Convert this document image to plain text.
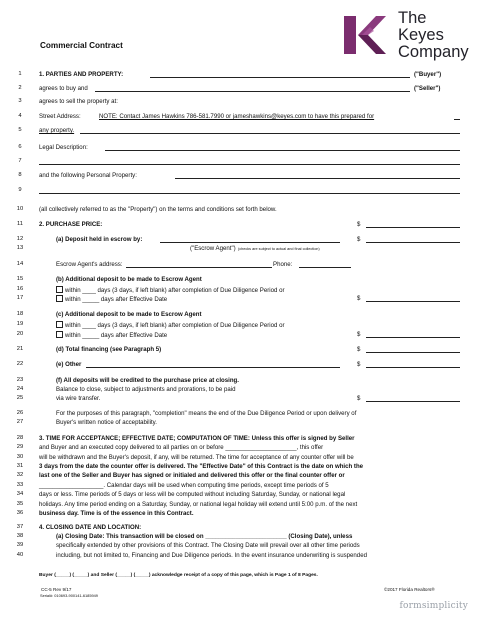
The
Keyes
Company
Commercial Contract
1	1. PARTIES AND PROPERTY:	("Buyer")
2	agrees to buy and	("Seller")
3	agrees to sell the property at:
4	Street Address:	NOTE: Contact James Hawkins 786-581.7990 or jameshawkins@keyes.com to have this prepared for
5	any property.
6	Legal Description:
7
8	and the following Personal Property:
9
10	(all collectively referred to as the "Property") on the terms and conditions set forth below.
11	2. PURCHASE PRICE:	$
12	(a) Deposit held in escrow by:	$
13	("Escrow Agent") (checks are subject to actual and final collection)
14	Escrow Agent's address:	Phone:
15	(b) Additional deposit to be made to Escrow Agent
16	within ____ days (3 days, if left blank) after completion of Due Diligence Period or
17	within _____ days after Effective Date	$
18	(c) Additional deposit to be made to Escrow Agent
19	within ____ days (3 days, if left blank) after completion of Due Diligence Period or
20	within _____ days after Effective Date	$
21	(d) Total financing (see Paragraph 5)	$
22	(e) Other	$
23	(f) All deposits will be credited to the purchase price at closing.
24	Balance to close, subject to adjustments and prorations, to be paid
25	via wire transfer.	$
26	For the purposes of this paragraph, "completion" means the end of the Due Diligence Period or upon delivery of
27	Buyer's written notice of acceptability.
28	3. TIME FOR ACCEPTANCE; EFFECTIVE DATE; COMPUTATION OF TIME: Unless this offer is signed by Seller
29	and Buyer and an executed copy delivered to all parties on or before _____________________, this offer
30	will be withdrawn and the Buyer's deposit, if any, will be returned. The time for acceptance of any counter offer will be
31	3 days from the date the counter offer is delivered. The "Effective Date" of this Contract is the date on which the
32	last one of the Seller and Buyer has signed or initialed and delivered this offer or the final counter offer or
33	___________________. Calendar days will be used when computing time periods, except time periods of 5
34	days or less. Time periods of 5 days or less will be computed without including Saturday, Sunday, or national legal
35	holidays. Any time period ending on a Saturday, Sunday, or national legal holiday will extend until 5:00 p.m. of the next
36	business day. Time is of the essence in this Contract.
37	4. CLOSING DATE AND LOCATION:
38	(a) Closing Date: This transaction will be closed on ________________________ (Closing Date), unless
39	specifically extended by other provisions of this Contract. The Closing Date will prevail over all other time periods
40	including, but not limited to, Financing and Due Diligence periods. In the event insurance underwriting is suspended
Buyer (_____) (_____) and Seller (_____) (_____) acknowledge receipt of a copy of this page, which is Page 1 of 8 Pages.
CC-5 Rev 9/17
Serial#: 010693-900141-6185949
©2017 Florida Realtors®
formsimplicity
